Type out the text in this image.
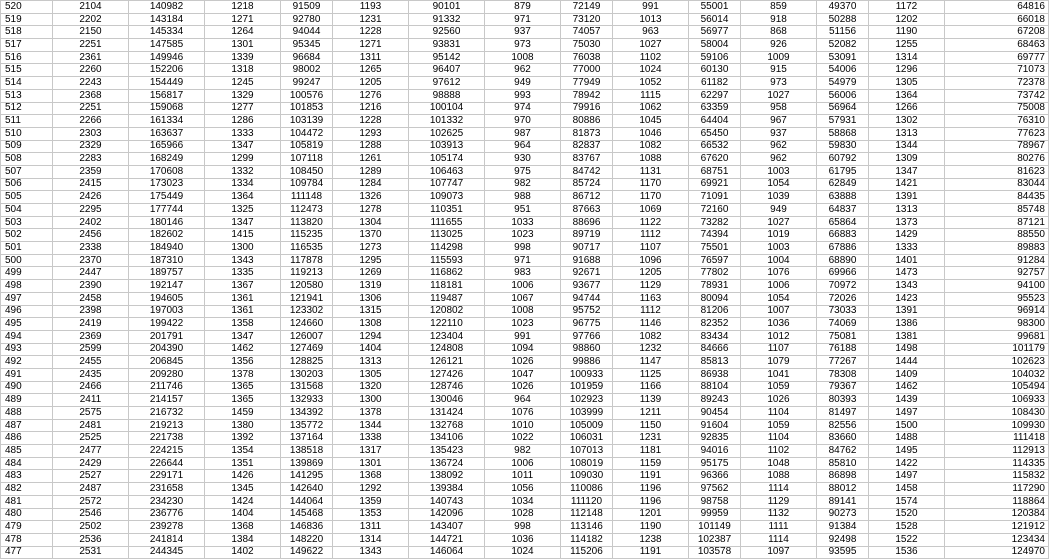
520	2104	140982	1218	91509	1193	90101	879	72149	991	55001	859	49370	1172	64816
519	2202	143184	1271	92780	1231	91332	971	73120	1013	56014	918	50288	1202	66018
518	2150	145334	1264	94044	1228	92560	937	74057	963	56977	868	51156	1190	67208
517	2251	147585	1301	95345	1271	93831	973	75030	1027	58004	926	52082	1255	68463
516	2361	149946	1339	96684	1311	95142	1008	76038	1102	59106	1009	53091	1314	69777
515	2260	152206	1318	98002	1265	96407	962	77000	1024	60130	915	54006	1296	71073
514	2243	154449	1245	99247	1205	97612	949	77949	1052	61182	973	54979	1305	72378
513	2368	156817	1329	100576	1276	98888	993	78942	1115	62297	1027	56006	1364	73742
512	2251	159068	1277	101853	1216	100104	974	79916	1062	63359	958	56964	1266	75008
511	2266	161334	1286	103139	1228	101332	970	80886	1045	64404	967	57931	1302	76310
510	2303	163637	1333	104472	1293	102625	987	81873	1046	65450	937	58868	1313	77623
509	2329	165966	1347	105819	1288	103913	964	82837	1082	66532	962	59830	1344	78967
508	2283	168249	1299	107118	1261	105174	930	83767	1088	67620	962	60792	1309	80276
507	2359	170608	1332	108450	1289	106463	975	84742	1131	68751	1003	61795	1347	81623
506	2415	173023	1334	109784	1284	107747	982	85724	1170	69921	1054	62849	1421	83044
505	2426	175449	1364	111148	1326	109073	988	86712	1170	71091	1039	63888	1391	84435
504	2295	177744	1325	112473	1278	110351	951	87663	1069	72160	949	64837	1313	85748
503	2402	180146	1347	113820	1304	111655	1033	88696	1122	73282	1027	65864	1373	87121
502	2456	182602	1415	115235	1370	113025	1023	89719	1112	74394	1019	66883	1429	88550
501	2338	184940	1300	116535	1273	114298	998	90717	1107	75501	1003	67886	1333	89883
500	2370	187310	1343	117878	1295	115593	971	91688	1096	76597	1004	68890	1401	91284
499	2447	189757	1335	119213	1269	116862	983	92671	1205	77802	1076	69966	1473	92757
498	2390	192147	1367	120580	1319	118181	1006	93677	1129	78931	1006	70972	1343	94100
497	2458	194605	1361	121941	1306	119487	1067	94744	1163	80094	1054	72026	1423	95523
496	2398	197003	1361	123302	1315	120802	1008	95752	1112	81206	1007	73033	1391	96914
495	2419	199422	1358	124660	1308	122110	1023	96775	1146	82352	1036	74069	1386	98300
494	2369	201791	1347	126007	1294	123404	991	97766	1082	83434	1012	75081	1381	99681
493	2599	204390	1462	127469	1404	124808	1094	98860	1232	84666	1107	76188	1498	101179
492	2455	206845	1356	128825	1313	126121	1026	99886	1147	85813	1079	77267	1444	102623
491	2435	209280	1378	130203	1305	127426	1047	100933	1125	86938	1041	78308	1409	104032
490	2466	211746	1365	131568	1320	128746	1026	101959	1166	88104	1059	79367	1462	105494
489	2411	214157	1365	132933	1300	130046	964	102923	1139	89243	1026	80393	1439	106933
488	2575	216732	1459	134392	1378	131424	1076	103999	1211	90454	1104	81497	1497	108430
487	2481	219213	1380	135772	1344	132768	1010	105009	1150	91604	1059	82556	1500	109930
486	2525	221738	1392	137164	1338	134106	1022	106031	1231	92835	1104	83660	1488	111418
485	2477	224215	1354	138518	1317	135423	982	107013	1181	94016	1102	84762	1495	112913
484	2429	226644	1351	139869	1301	136724	1006	108019	1159	95175	1048	85810	1422	114335
483	2527	229171	1426	141295	1368	138092	1011	109030	1191	96366	1088	86898	1497	115832
482	2487	231658	1345	142640	1292	139384	1056	110086	1196	97562	1114	88012	1458	117290
481	2572	234230	1424	144064	1359	140743	1034	111120	1196	98758	1129	89141	1574	118864
480	2546	236776	1404	145468	1353	142096	1028	112148	1201	99959	1132	90273	1520	120384
479	2502	239278	1368	146836	1311	143407	998	113146	1190	101149	1111	91384	1528	121912
478	2536	241814	1384	148220	1314	144721	1036	114182	1238	102387	1114	92498	1522	123434
477	2531	244345	1402	149622	1343	146064	1024	115206	1191	103578	1097	93595	1536	124970
